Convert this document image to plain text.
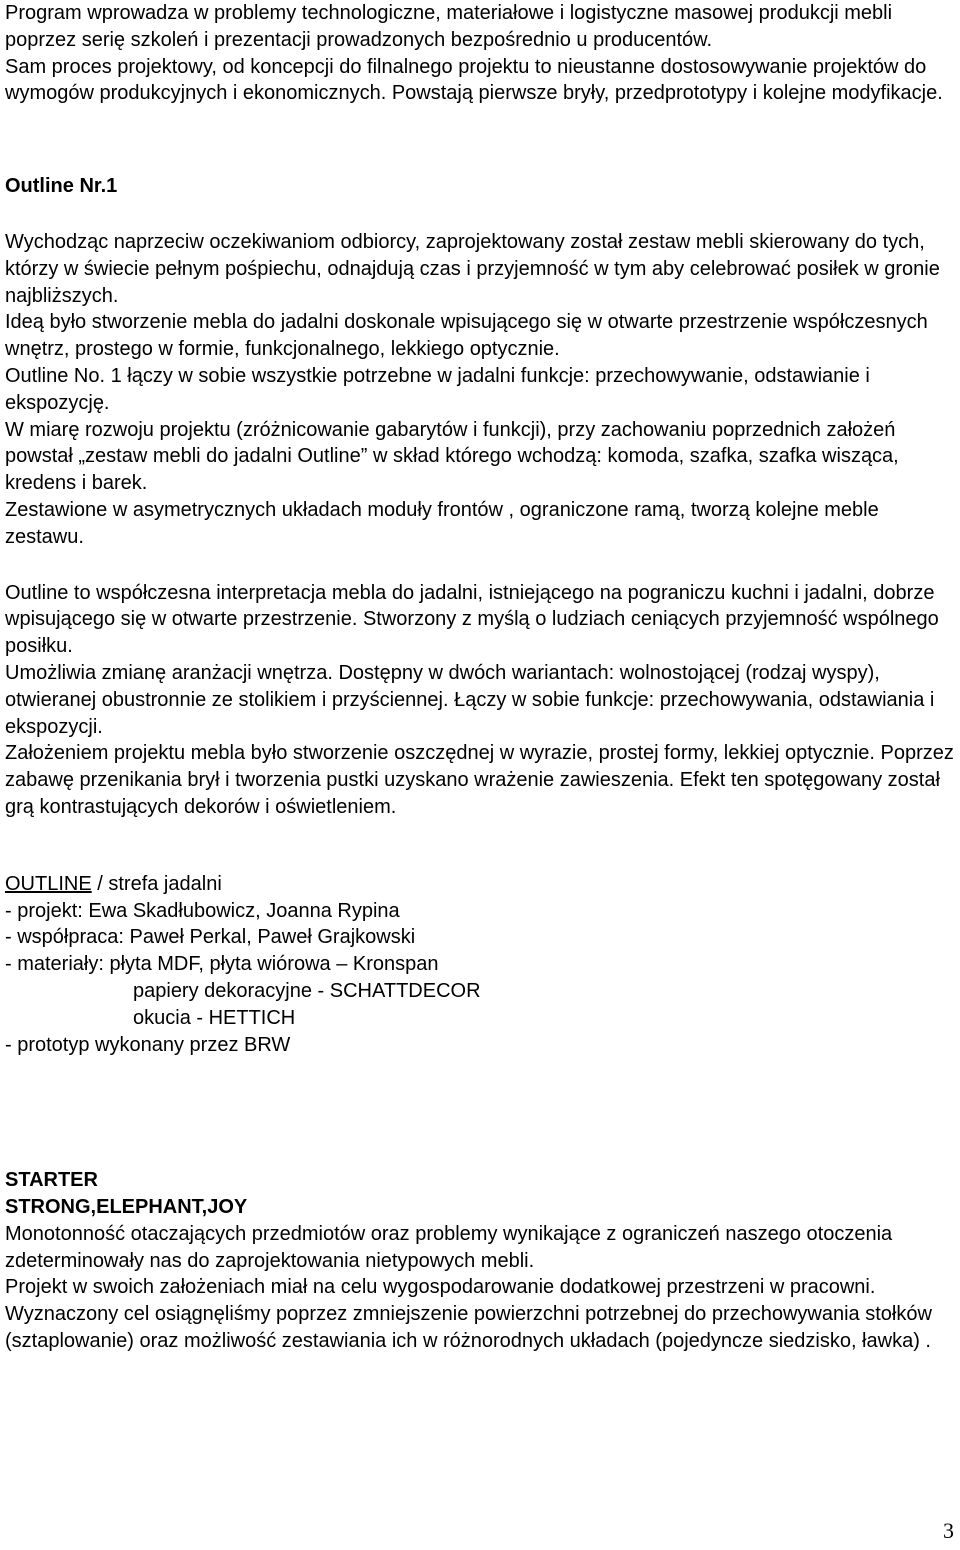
Program wprowadza w problemy technologiczne, materiałowe i logistyczne masowej produkcji mebli poprzez serię szkoleń i prezentacji prowadzonych bezpośrednio u producentów.

Sam proces projektowy, od koncepcji do filnalnego projektu to nieustanne dostosowywanie projektów do wymogów produkcyjnych i ekonomicznych. Powstają pierwsze bryły, przedprototypy i kolejne modyfikacje.

Outline Nr.1

Wychodząc naprzeciw oczekiwaniom odbiorcy, zaprojektowany został zestaw mebli skierowany do tych, którzy w świecie pełnym pośpiechu, odnajdują czas i przyjemność w tym aby celebrować posiłek w gronie najbliższych.

Ideą było stworzenie mebla do jadalni doskonale wpisującego się w otwarte przestrzenie współczesnych wnętrz, prostego w formie, funkcjonalnego, lekkiego optycznie.

Outline No. 1 łączy w sobie wszystkie potrzebne w jadalni funkcje: przechowywanie, odstawianie i ekspozycję.

W miarę rozwoju projektu (zróżnicowanie gabarytów i funkcji), przy zachowaniu poprzednich założeń powstał „zestaw mebli do jadalni Outline” w skład którego wchodzą: komoda, szafka, szafka wisząca, kredens i barek.

Zestawione w asymetrycznych układach moduły frontów , ograniczone ramą, tworzą kolejne meble zestawu.

Outline to współczesna interpretacja mebla do jadalni, istniejącego na pograniczu kuchni i jadalni, dobrze wpisującego się w otwarte przestrzenie. Stworzony z myślą o ludziach ceniących przyjemność wspólnego posiłku.

Umożliwia zmianę aranżacji wnętrza. Dostępny w dwóch wariantach: wolnostojącej (rodzaj wyspy), otwieranej obustronnie ze stolikiem i przyściennej. Łączy w sobie funkcje: przechowywania, odstawiania i ekspozycji.

Założeniem projektu mebla było stworzenie oszczędnej w wyrazie, prostej formy, lekkiej optycznie. Poprzez zabawę przenikania brył i tworzenia pustki uzyskano wrażenie zawieszenia. Efekt ten spotęgowany został grą kontrastujących dekorów i oświetleniem.

OUTLINE / strefa jadalni

- projekt: Ewa Skadłubowicz, Joanna Rypina

- współpraca: Paweł Perkal, Paweł Grajkowski

- materiały: płyta MDF, płyta wiórowa – Kronspan

papiery dekoracyjne - SCHATTDECOR

okucia - HETTICH

- prototyp wykonany przez BRW

STARTER

STRONG,ELEPHANT,JOY

Monotonność otaczających przedmiotów oraz problemy wynikające z ograniczeń naszego otoczenia zdeterminowały nas do zaprojektowania nietypowych mebli.

Projekt w swoich założeniach miał na celu wygospodarowanie dodatkowej przestrzeni w pracowni. Wyznaczony cel osiągnęliśmy poprzez zmniejszenie powierzchni potrzebnej do przechowywania stołków (sztaplowanie) oraz możliwość zestawiania ich w różnorodnych układach (pojedyncze siedzisko, ławka) .

3
